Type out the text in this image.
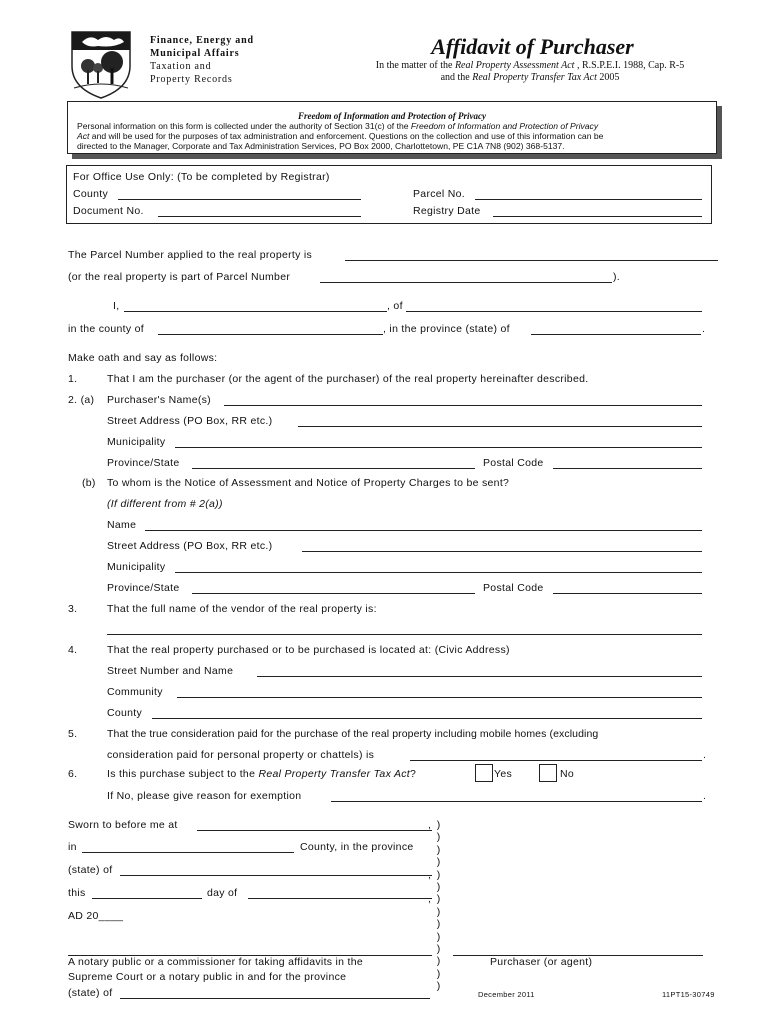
Finance, Energy and
Municipal Affairs
Taxation and
Property Records
Affidavit of Purchaser
In the matter of the Real Property Assessment Act , R.S.P.E.I. 1988, Cap. R-5
and the Real Property Transfer Tax Act 2005
Freedom of Information and Protection of Privacy
Personal information on this form is collected under the authority of Section 31(c) of the Freedom of Information and Protection of Privacy
Act and will be used for the purposes of tax administration and enforcement. Questions on the collection and use of this information can be
directed to the Manager, Corporate and Tax Administration Services, PO Box 2000, Charlottetown, PE C1A 7N8 (902) 368-5137.
For Office Use Only: (To be completed by Registrar)
County	Parcel No.
Document No.	Registry Date
The Parcel Number applied to the real property is
(or the real property is part of Parcel Number	).
I,	, of
in the county of	, in the province (state) of	.
Make oath and say as follows:
1.	That I am the purchaser (or the agent of the purchaser) of the real property hereinafter described.
2. (a) Purchaser's Name(s)
Street Address (PO Box, RR etc.)
Municipality
Province/State	Postal Code
(b) To whom is the Notice of Assessment and Notice of Property Charges to be sent?
(If different from # 2(a))
Name
Street Address (PO Box, RR etc.)
Municipality
Province/State	Postal Code
3.	That the full name of the vendor of the real property is:
4.	That the real property purchased or to be purchased is located at: (Civic Address)
Street Number and Name
Community
County
5.	That the true consideration paid for the purchase of the real property including mobile homes (excluding
consideration paid for personal property or chattels) is	.
6.	Is this purchase subject to the Real Property Transfer Tax Act?	Yes	No
If No, please give reason for exemption	.
Sworn to before me at
in	County, in the province
(state) of
this	day of
AD 20____
A notary public or a commissioner for taking affidavits in the	Purchaser (or agent)
Supreme Court or a notary public in and for the province
(state) of
,  )
)
)
)
,  )
)
,  )
)
)
)
)
)
)
)
December 2011	11PT15-30749
